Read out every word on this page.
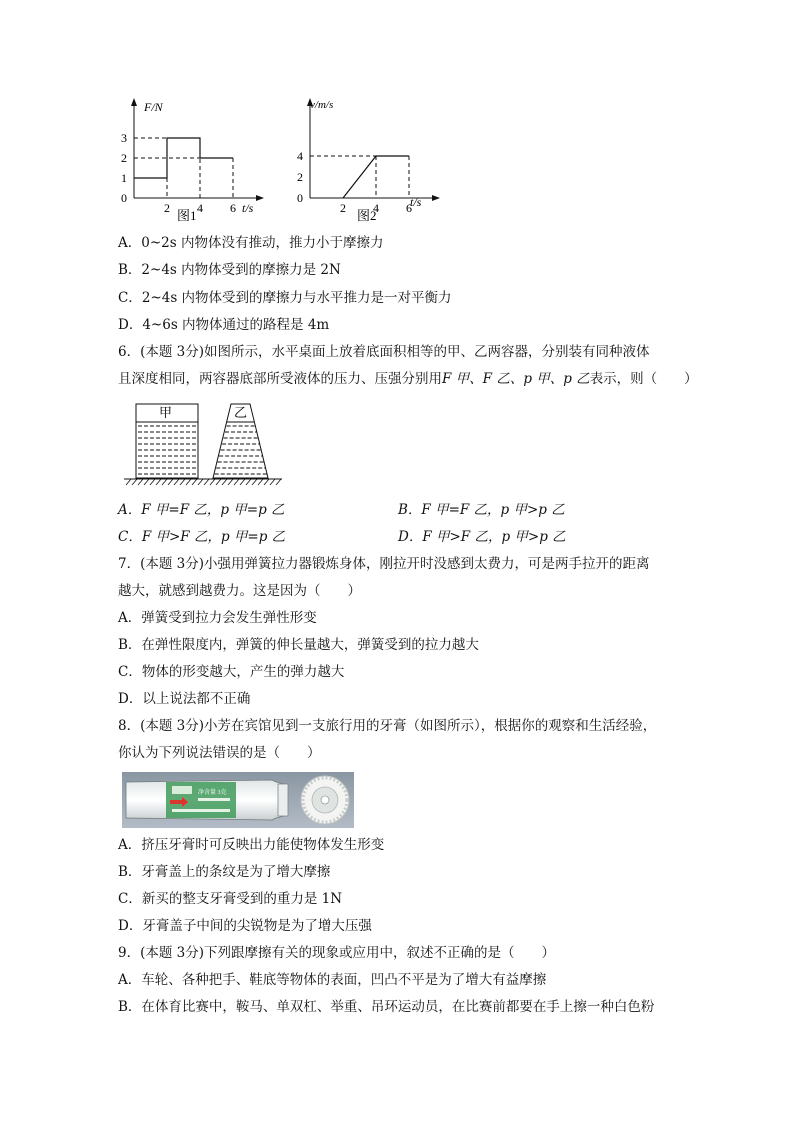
1
2
3
2 4 6
F/N
t/s
0
图1
2
4
2 4 6
v/m/s
t/s
0
图2
A．0~2s 内物体没有推动，推力小于摩擦力
B．2~4s 内物体受到的摩擦力是 2N
C．2~4s 内物体受到的摩擦力与水平推力是一对平衡力
D．4~6s 内物体通过的路程是 4m
6．(本题 3分)如图所示，水平桌面上放着底面积相等的甲、乙两容器，分别装有同种液体
且深度相同，两容器底部所受液体的压力、压强分别用F 甲、F 乙、p 甲、p 乙表示，则（　　）
甲	乙
A．F 甲=F 乙，p 甲=p 乙	B．F 甲=F 乙，p 甲>p 乙
C．F 甲>F 乙，p 甲=p 乙	D．F 甲>F 乙，p 甲>p 乙
7．(本题 3分)小强用弹簧拉力器锻炼身体，刚拉开时没感到太费力，可是两手拉开的距离
越大，就感到越费力。这是因为（　　）
A．弹簧受到拉力会发生弹性形变
B．在弹性限度内，弹簧的伸长量越大，弹簧受到的拉力越大
C．物体的形变越大，产生的弹力越大
D．以上说法都不正确
8．(本题 3分)小芳在宾馆见到一支旅行用的牙膏（如图所示），根据你的观察和生活经验，
你认为下列说法错误的是（　　）
净含量 3克
A．挤压牙膏时可反映出力能使物体发生形变
B．牙膏盖上的条纹是为了增大摩擦
C．新买的整支牙膏受到的重力是 1N
D．牙膏盖子中间的尖锐物是为了增大压强
9．(本题 3分)下列跟摩擦有关的现象或应用中，叙述不正确的是（　　）
A．车轮、各种把手、鞋底等物体的表面，凹凸不平是为了增大有益摩擦
B．在体育比赛中，鞍马、单双杠、举重、吊环运动员，在比赛前都要在手上擦一种白色粉
